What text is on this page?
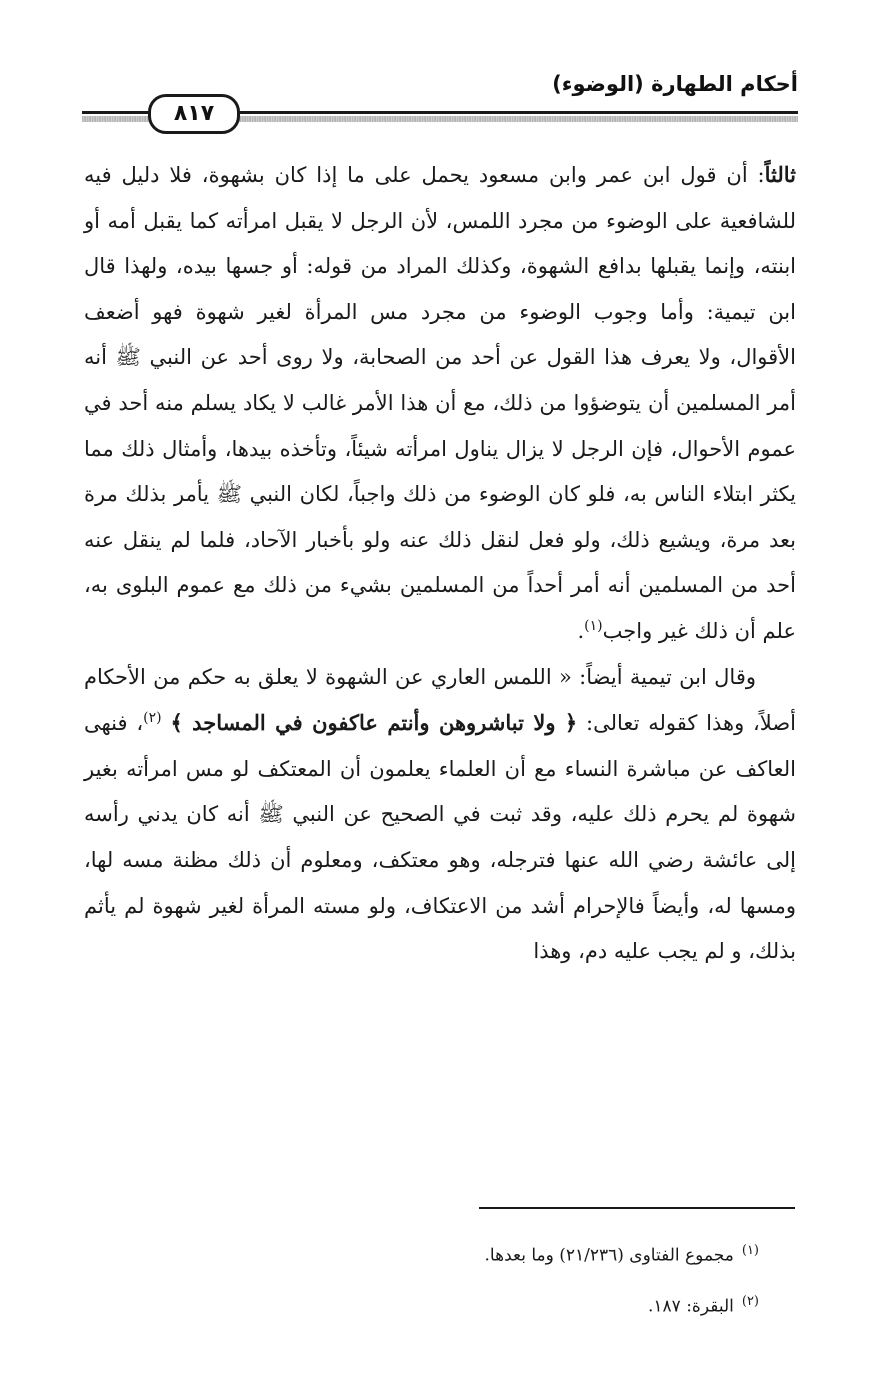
أحكام الطهارة (الوضوء)
٨١٧

ثالثاً: أن قول ابن عمر وابن مسعود يحمل على ما إذا كان بشهوة، فلا دليل فيه للشافعية على الوضوء من مجرد اللمس، لأن الرجل لا يقبل امرأته كما يقبل أمه أو ابنته، وإنما يقبلها بدافع الشهوة، وكذلك المراد من قوله: أو جسها بيده، ولهذا قال ابن تيمية: وأما وجوب الوضوء من مجرد مس المرأة لغير شهوة فهو أضعف الأقوال، ولا يعرف هذا القول عن أحد من الصحابة، ولا روى أحد عن النبي ﷺ أنه أمر المسلمين أن يتوضؤوا من ذلك، مع أن هذا الأمر غالب لا يكاد يسلم منه أحد في عموم الأحوال، فإن الرجل لا يزال يناول امرأته شيئاً، وتأخذه بيدها، وأمثال ذلك مما يكثر ابتلاء الناس به، فلو كان الوضوء من ذلك واجباً، لكان النبي ﷺ يأمر بذلك مرة بعد مرة، ويشيع ذلك، ولو فعل لنقل ذلك عنه ولو بأخبار الآحاد، فلما لم ينقل عنه أحد من المسلمين أنه أمر أحداً من المسلمين بشيء من ذلك مع عموم البلوى به، علم أن ذلك غير واجب$^{(١)}$.

وقال ابن تيمية أيضاً: « اللمس العاري عن الشهوة لا يعلق به حكم من الأحكام أصلاً، وهذا كقوله تعالى: ﴿ ولا تباشروهن وأنتم عاكفون في المساجد ﴾ $^{(٢)}$، فنهى العاكف عن مباشرة النساء مع أن العلماء يعلمون أن المعتكف لو مس امرأته بغير شهوة لم يحرم ذلك عليه، وقد ثبت في الصحيح عن النبي ﷺ أنه كان يدني رأسه إلى عائشة رضي الله عنها فترجله، وهو معتكف، ومعلوم أن ذلك مظنة مسه لها، ومسها له، وأيضاً فالإحرام أشد من الاعتكاف، ولو مسته المرأة لغير شهوة لم يأثم بذلك، و لم يجب عليه دم، وهذا

$^{(١)}$مجموع الفتاوى (٢١/٢٣٦) وما بعدها.
$^{(٢)}$البقرة: ١٨٧.
